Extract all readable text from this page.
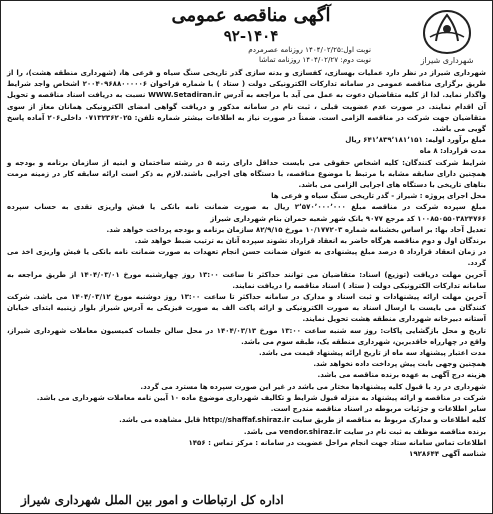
شهرداری شیراز
آگهی مناقصه عمومی
۹۲-۱۴۰۴
نوبت اول:۱۴۰۴/۰۲/۲۵ روزنامه عصرمردم
نوبت دوم: ۱۴۰۴/۰۲/۲۷ روزنامه تماشا

شهرداری شیراز در نظر دارد عملیات بهسازی، کفسازی و بدنه سازی گذر تاریخی سنگ سیاه و فرعی ها، (شهرداری منطقه هشت)، را از طریق برگزاری مناقصه عمومی در سامانه تدارکات الکترونیکی دولت ( ستاد ) با شماره فراخوان ۲۰۰۴۰۹۶۸۸۰۰۰۰۰۶ اشخاص واجد شرایط واگذار نماید. لذا از کلیه متقاضیان دعوت به عمل می آید با مراجعه به آدرس WWW.Setadiran.ir نسبت به دریافت اسناد مناقصه و تحویل آن اقدام نمایند. در صورت عدم عضویت قبلی ، ثبت نام در سامانه مذکور و دریافت گواهی امضای الکترونیکی همانان معاز از سوی متقاضیان جهت شرکت در مناقصه الزامی است. ضمناً در صورت نیاز به اطلاعات بیشتر شماره تلفن: ۰۷۱۳۲۳۶۲۰۲۵ داخلی۲۰۶ آماده پاسخ گویی می باشد.

مبلغ برآورد اولیه: ۶۴۱٬۸۳۹٬۱۸۱٬۱۵۱ ریال

مدت قرارداد: ۸ ماه

شرایط شرکت کنندگان: کلیه اشخاص حقوقی می بایست حداقل دارای رتبه ۵ در رشته ساختمان و ابنیه از سازمان برنامه و بودجه و همچنین دارای سابقه مشابه با مرتبط با موضوع مناقصه، با دستگاه های اجرایی باشند.لازم به ذکر است ارائه سابقه کار در زمینه مرمت بناهای تاریخی با دستگاه های اجرایی الزامی می باشد.

محل اجرای پروژه : شیراز - گذر تاریخی سنگ سیاه و فرعی ها

مبلغ سپرده شرکت در مناقصه مبلغ ۲٬۵۷۰٬۰۰۰٬۰۰۰ ریال به صورت ضمانت نامه بانکی یا فیش واریزی نقدی به حساب سپرده ۱۰۰۸۵۰۵۵۰۳۸۲۴۷۶۶ کد مرجع ۹۰۷۷ بانک شهر شعبه حمران بنام شهرداری شیراز

تعدیل آحاد بها: بر اساس بخشنامه شماره ۱۰/۱۷۷۲۰۳ مورخ ۸۲/۹/۱۵ سازمان برنامه و بودجه پرداخت خواهد شد.

برندگان اول و دوم مناقصه هرگاه حاضر به انعقاد قرارداد نشوند سپرده آنان به ترتیب ضبط خواهد شد.

در زمان انعقاد قرارداد ۵ درصد مبلغ پیشنهادی به عنوان ضمانت حسن انجام تعهدات به صورت ضمانت نامه بانکی یا فیش واریزی اخذ می گردد.

آخرین مهلت دریافت (توزیع) اسناد: متقاضیان می توانند حداکثر تا ساعت ۱۳:۰۰ روز چهارشنبه مورخ ۱۴۰۴/۰۳/۰۱ از طریق مراجعه به سامانه تدارکات الکترونیکی دولت ( ستاد ) اسناد مناقصه را دریافت نمایند.

آخرین مهلت ارائه پیشنهادات و ثبت اسناد و مدارک در سامانه حداکثر تا ساعت ۱۳:۰۰ روز دوشنبه مورخ ۱۴۰۴/۰۳/۱۲ می باشد. شرکت کنندگان می بایست با ارسال اسناد به صورت الکترونیکی و ارائه پاکت الف به صورت فیزیکی به آدرس شیراز بلوار زینبیه ابتدای خیابان آستانه دبیرخانه شهرداری منطقه هشت تحویل نمایند.

تاریخ و محل بازگشایی پاکات: روز سه شنبه ساعت ۱۳:۰۰ مورخ ۱۴۰۴/۰۳/۱۳ در محل سالن جلسات کمیسیون معاملات شهرداری شیراز، واقع در چهارراه خاقدبرین، شهرداری منطقه یک، طبقه سوم می باشد.

مدت اعتبار پیشنهاد سه ماه از تاریخ ارائه پیشنهاد قیمت می باشد.

همچنین وجهی بابت پیش پرداخت داده نخواهد شد.

هزینه درج آگهی به عهده برنده مناقصه می باشد.

شهرداری در رد یا قبول کلیه پیشنهادها مختار می باشد در غیر این صورت سپرده ها مسترد می گردد.

شرکت در مناقصه و ارائه پیشنهاد به منزله قبول شرایط و تکالیف شهرداری موضوع ماده ۱۰ آیین نامه معاملات شهرداری می باشد.

سایر اطلاعات و جزئیات مربوطه در اسناد مناقصه مندرج است.

کلیه اطلاعات و مدارک مربوط به مناقصه از طریق سایت http://shaffaf.shiraz.ir قابل مشاهده می باشد.

برنده مناقصه موظف به ثبت نام در سایت vendor.shiraz.ir می باشد.

اطلاعات تماس سامانه ستاد جهت انجام مراحل عضویت در سامانه : مرکز تماس : ۱۴۵۶

شناسه آگهی ۱۹۲۸۶۴۴

اداره کل ارتباطات و امور بین الملل شهرداری شیراز
